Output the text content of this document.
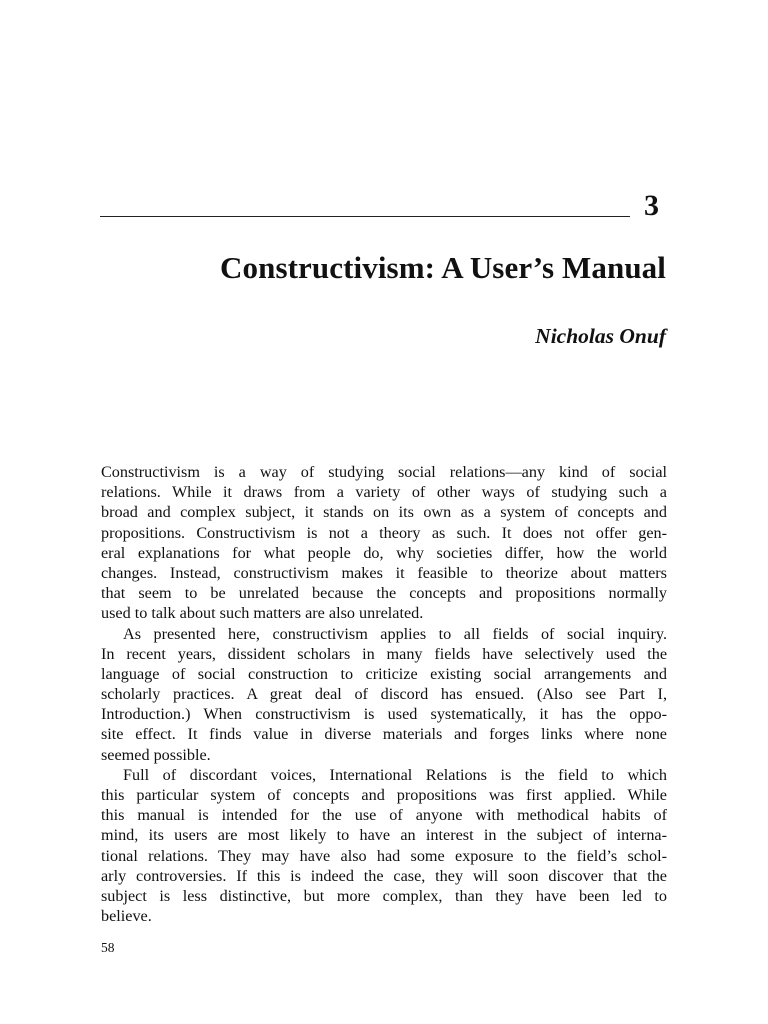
3
Constructivism: A User’s Manual
Nicholas Onuf
Constructivism is a way of studying social relations—any kind of social
relations. While it draws from a variety of other ways of studying such a
broad and complex subject, it stands on its own as a system of concepts and
propositions. Constructivism is not a theory as such. It does not offer gen-
eral explanations for what people do, why societies differ, how the world
changes. Instead, constructivism makes it feasible to theorize about matters
that seem to be unrelated because the concepts and propositions normally
used to talk about such matters are also unrelated.
As presented here, constructivism applies to all fields of social inquiry.
In recent years, dissident scholars in many fields have selectively used the
language of social construction to criticize existing social arrangements and
scholarly practices. A great deal of discord has ensued. (Also see Part I,
Introduction.) When constructivism is used systematically, it has the oppo-
site effect. It finds value in diverse materials and forges links where none
seemed possible.
Full of discordant voices, International Relations is the field to which
this particular system of concepts and propositions was first applied. While
this manual is intended for the use of anyone with methodical habits of
mind, its users are most likely to have an interest in the subject of interna-
tional relations. They may have also had some exposure to the field’s schol-
arly controversies. If this is indeed the case, they will soon discover that the
subject is less distinctive, but more complex, than they have been led to
believe.
58
